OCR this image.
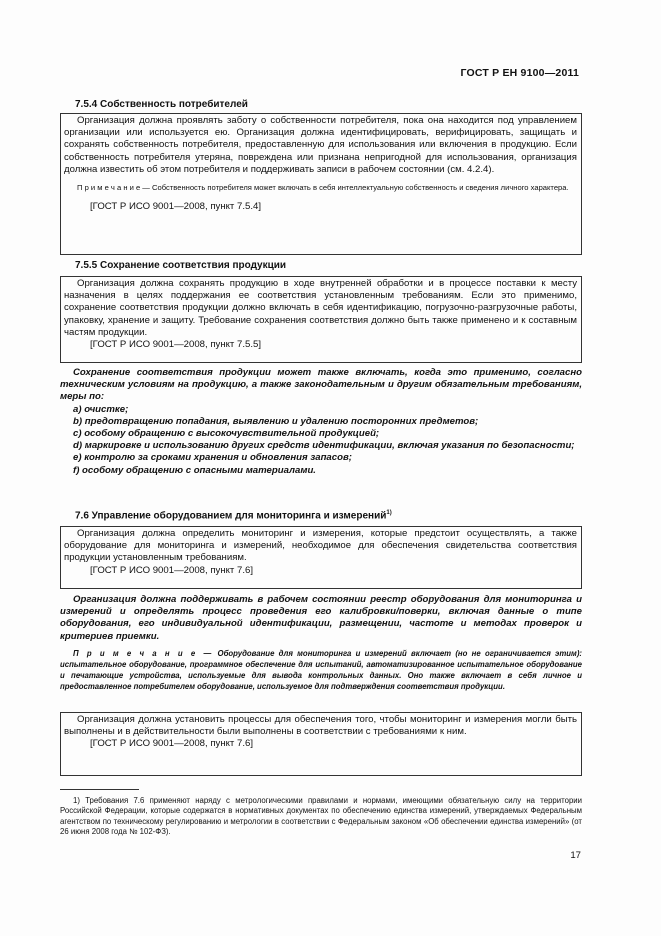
ГОСТ Р ЕН 9100—2011
7.5.4 Собственность потребителей

Организация должна проявлять заботу о собственности потребителя, пока она находится под управлением организации или используется ею. Организация должна идентифицировать, верифицировать, защищать и сохранять собственность потребителя, предоставленную для использования или включения в продукцию. Если собственность потребителя утеряна, повреждена или признана непригодной для использования, организация должна известить об этом потребителя и поддерживать записи в рабочем состоянии (см. 4.2.4).

П р и м е ч а н и е — Собственность потребителя может включать в себя интеллектуальную собственность и сведения личного характера.

[ГОСТ Р ИСО 9001—2008, пункт 7.5.4]

7.5.5 Сохранение соответствия продукции

Организация должна сохранять продукцию в ходе внутренней обработки и в процессе поставки к месту назначения в целях поддержания ее соответствия установленным требованиям. Если это применимо, сохранение соответствия продукции должно включать в себя идентификацию, погрузочно-разгрузочные работы, упаковку, хранение и защиту. Требование сохранения соответствия должно быть также применено и к составным частям продукции.

[ГОСТ Р ИСО 9001—2008, пункт 7.5.5]

Сохранение соответствия продукции может также включать, когда это применимо, согласно техническим условиям на продукцию, а также законодательным и другим обязательным требованиям, меры по:

a) очистке;

b) предотвращению попадания, выявлению и удалению посторонних предметов;

c) особому обращению с высокочувствительной продукцией;

d) маркировке и использованию других средств идентификации, включая указания по безопасности;

e) контролю за сроками хранения и обновления запасов;

f) особому обращению с опасными материалами.

7.6 Управление оборудованием для мониторинга и измерений$^{1)}$

Организация должна определить мониторинг и измерения, которые предстоит осуществлять, а также оборудование для мониторинга и измерений, необходимое для обеспечения свидетельства соответствия продукции установленным требованиям.

[ГОСТ Р ИСО 9001—2008, пункт 7.6]

Организация должна поддерживать в рабочем состоянии реестр оборудования для мониторинга и измерений и определять процесс проведения его калибровки/поверки, включая данные о типе оборудования, его индивидуальной идентификации, размещении, частоте и методах проверок и критериев приемки.

П р и м е ч а н и е — Оборудование для мониторинга и измерений включает (но не ограничивается этим): испытательное оборудование, программное обеспечение для испытаний, автоматизированное испытательное оборудование и печатающие устройства, используемые для вывода контрольных данных. Оно также включает в себя личное и предоставленное потребителем оборудование, используемое для подтверждения соответствия продукции.

Организация должна установить процессы для обеспечения того, чтобы мониторинг и измерения могли быть выполнены и в действительности были выполнены в соответствии с требованиями к ним.

[ГОСТ Р ИСО 9001—2008, пункт 7.6]

1) Требования 7.6 применяют наряду с метрологическими правилами и нормами, имеющими обязательную силу на территории Российской Федерации, которые содержатся в нормативных документах по обеспечению единства измерений, утверждаемых Федеральным агентством по техническому регулированию и метрологии в соответствии с Федеральным законом «Об обеспечении единства измерений» (от 26 июня 2008 года № 102-ФЗ).
17
